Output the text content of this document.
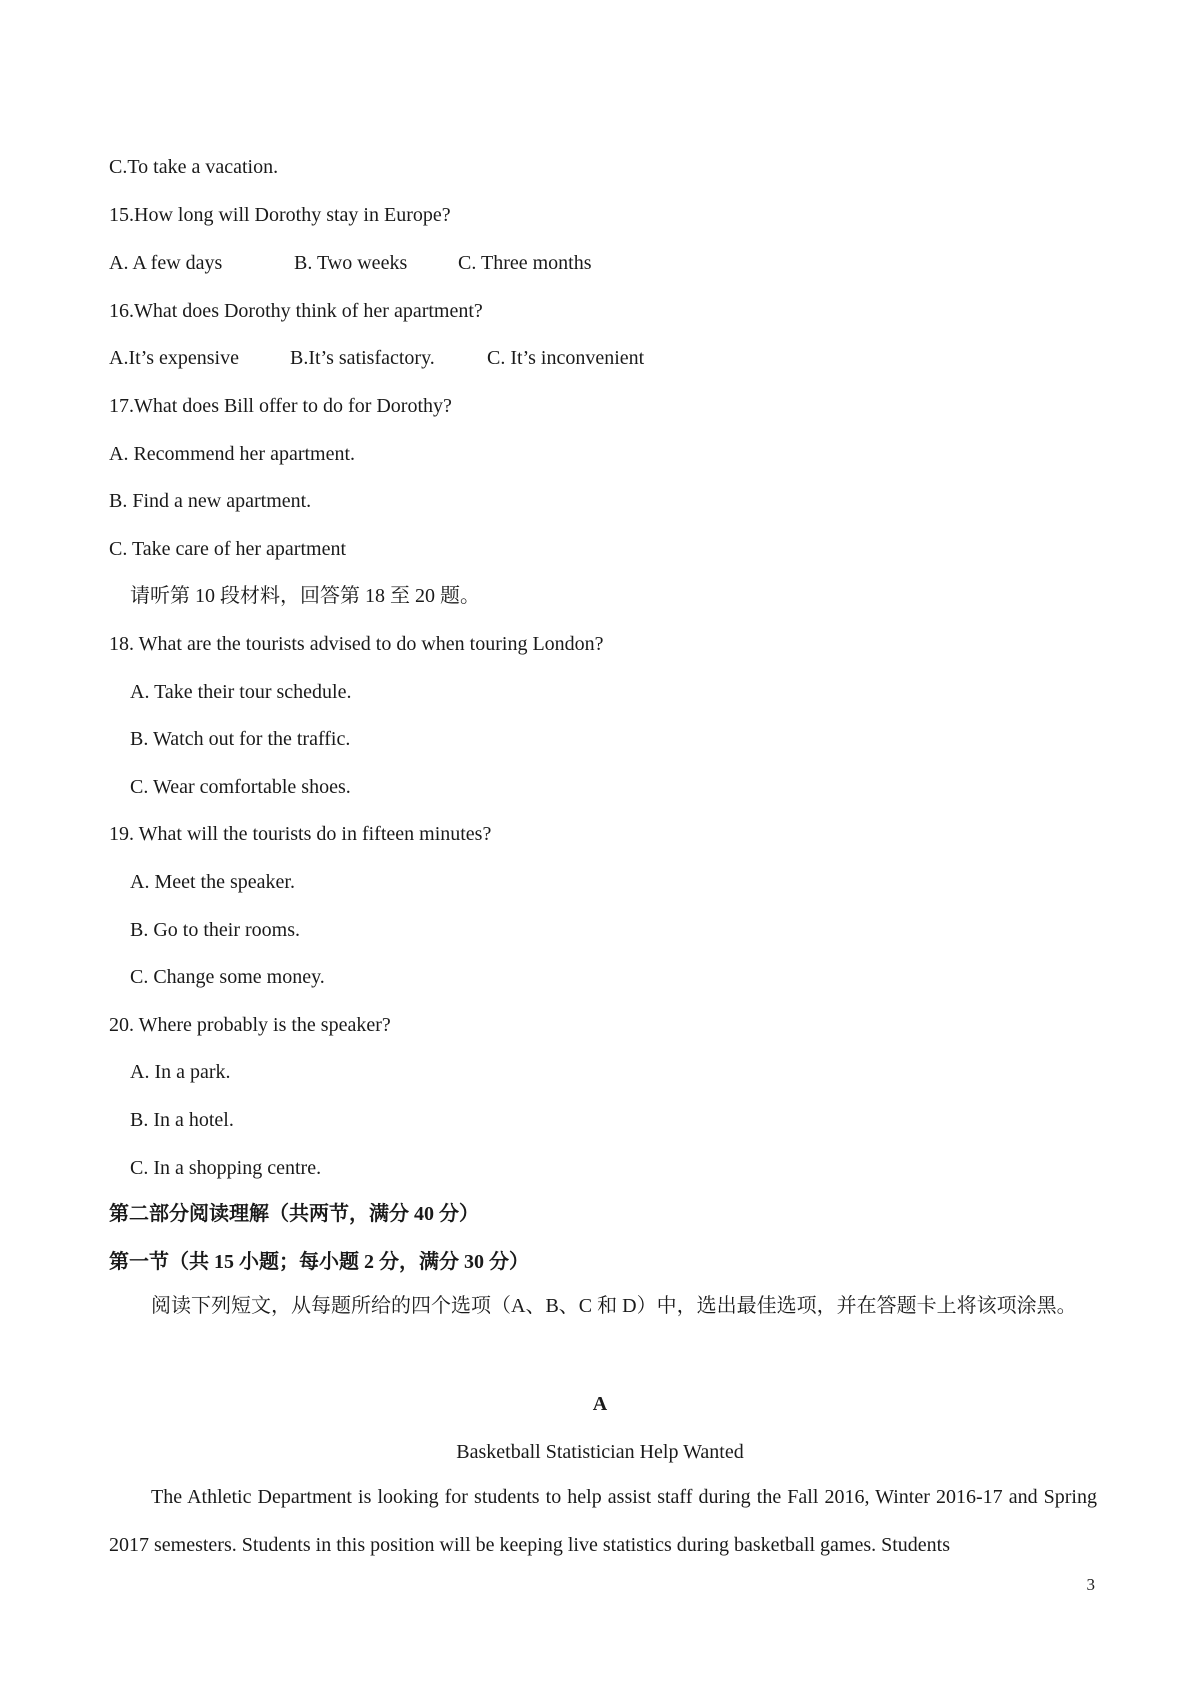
C.To take a vacation.
15.How long will Dorothy stay in Europe?
A. A few days	B. Two weeks	C. Three months
16.What does Dorothy think of her apartment?
A.It’s expensive	B.It’s satisfactory.	C. It’s inconvenient
17.What does Bill offer to do for Dorothy?
A. Recommend her apartment.
B. Find a new apartment.
C. Take care of her apartment
请听第 10 段材料，回答第 18 至 20 题。
18. What are the tourists advised to do when touring London?
A. Take their tour schedule.
B. Watch out for the traffic.
C. Wear comfortable shoes.
19. What will the tourists do in fifteen minutes?
A. Meet the speaker.
B. Go to their rooms.
C. Change some money.
20. Where probably is the speaker?
A. In a park.
B. In a hotel.
C. In a shopping centre.
第二部分阅读理解（共两节，满分 40 分）
第一节（共 15 小题；每小题 2 分，满分 30 分）

阅读下列短文，从每题所给的四个选项（A、B、C 和 D）中，选出最佳选项，并在答题卡上将该项涂黑。

A
Basketball Statistician Help Wanted

The Athletic Department is looking for students to help assist staff during the Fall 2016, Winter 2016-17 and Spring 2017 semesters. Students in this position will be keeping live statistics during basketball games. Students

3
